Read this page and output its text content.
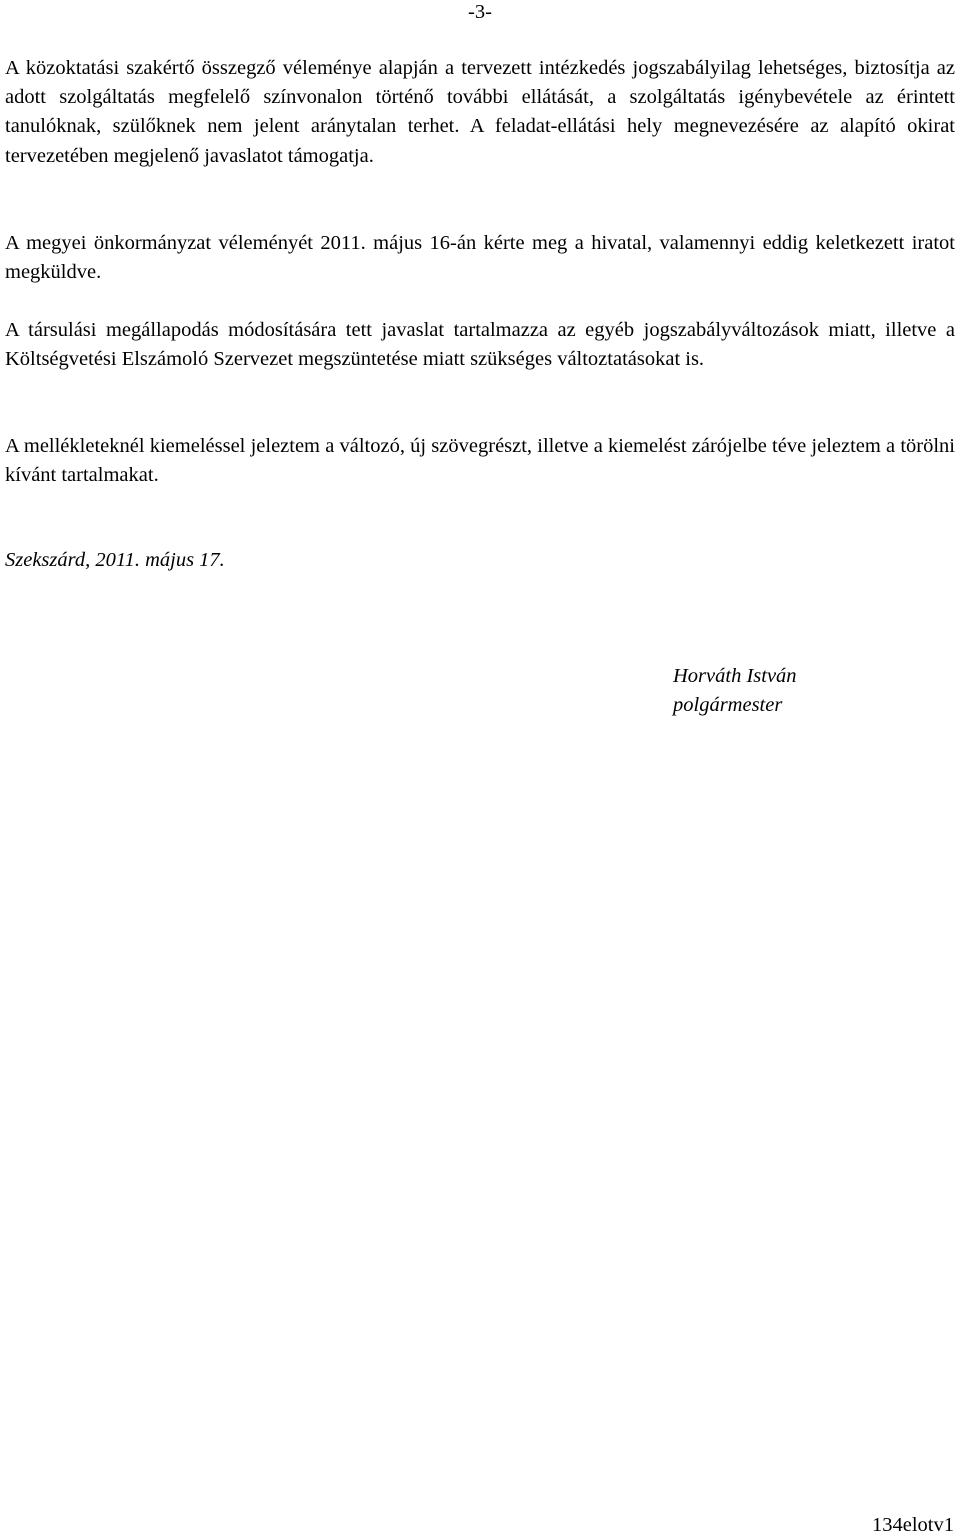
-3-

A közoktatási szakértő összegző véleménye alapján a tervezett intézkedés jogszabályilag lehetséges, biztosítja az adott szolgáltatás megfelelő színvonalon történő további ellátását, a szolgáltatás igénybevétele az érintett tanulóknak, szülőknek nem jelent aránytalan terhet. A feladat-ellátási hely megnevezésére az alapító okirat tervezetében megjelenő javaslatot támogatja.

A megyei önkormányzat véleményét 2011. május 16-án kérte meg a hivatal, valamennyi eddig keletkezett iratot megküldve.

A társulási megállapodás módosítására tett javaslat tartalmazza az egyéb jogszabályváltozások miatt, illetve a Költségvetési Elszámoló Szervezet megszüntetése miatt szükséges változtatásokat is.

A mellékleteknél kiemeléssel jeleztem a változó, új szövegrészt, illetve a kiemelést zárójelbe téve jeleztem a törölni kívánt tartalmakat.

Szekszárd, 2011. május 17.

Horváth István
polgármester
134elotv1
